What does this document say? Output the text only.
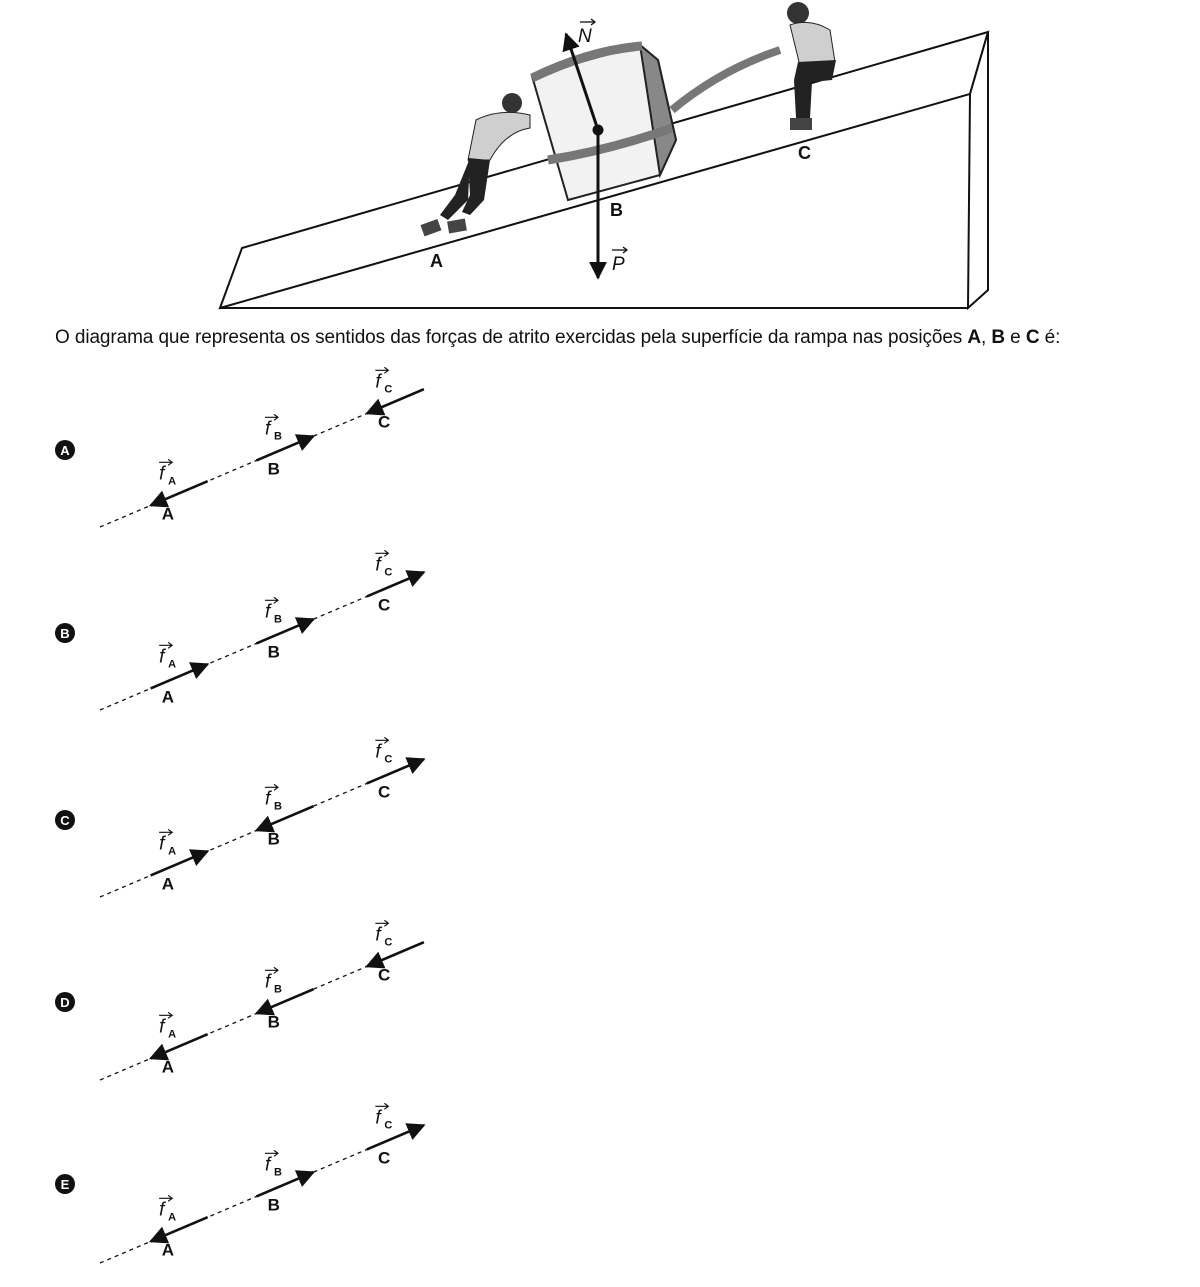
N
P
A
B
C
O diagrama que representa os sentidos das forças de atrito exercidas pela superfície da rampa nas posições A, B e C é:
A
A
f A
B
f B
C
f C
B
A
f A
B
f B
C
f C
C
A
f A
B
f B
C
f C
D
A
f A
B
f B
C
f C
E
A
f A
B
f B
C
f C
